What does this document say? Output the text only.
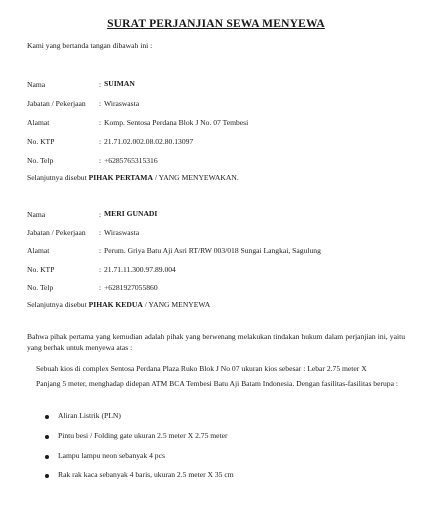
SURAT PERJANJIAN SEWA MENYEWA
Kami yang bertanda tangan dibawah ini :
Nama	: SUIMAN
Jabatan / Pekerjaan : Wiraswasta
Alamat	: Komp. Sentosa Perdana Blok J No. 07 Tembesi
No. KTP	: 21.71.02.002.08.02.80.13097
No. Telp	: +6285765315316
Selanjutnya disebut PIHAK PERTAMA / YANG MENYEWAKAN.
Nama	: MERI GUNADI
Jabatan / Pekerjaan : Wiraswasta
Alamat	: Perum. Griya Batu Aji Asri RT/RW 003/018 Sungai Langkai, Sagulung
No. KTP	: 21.71.11.300.97.89.004
No. Telp	: +6281927055860
Selanjutnya disebut PIHAK KEDUA / YANG MENYEWA
Bahwa pihak pertama yang kemudian adalah pihak yang berwenang melakukan tindakan hukum dalam perjanjian ini, yaitu yang berhak untuk menyewa atas :
Sebuah kios di complex Sentosa Perdana Plaza Ruko Blok J No 07 ukuran kios sebesar : Lebar 2.75 meter X
Panjang 5 meter, menghadap didepan ATM BCA Tembesi Batu Aji Batam Indonesia. Dengan fasilitas-fasilitas berupa :
Aliran Listrik (PLN)
Pintu besi / Folding gate ukuran 2.5 meter X 2.75 meter
Lampu lampu neon sebanyak 4 pcs
Rak rak kaca sebanyak 4 baris, ukuran 2.5 meter X 35 cm
